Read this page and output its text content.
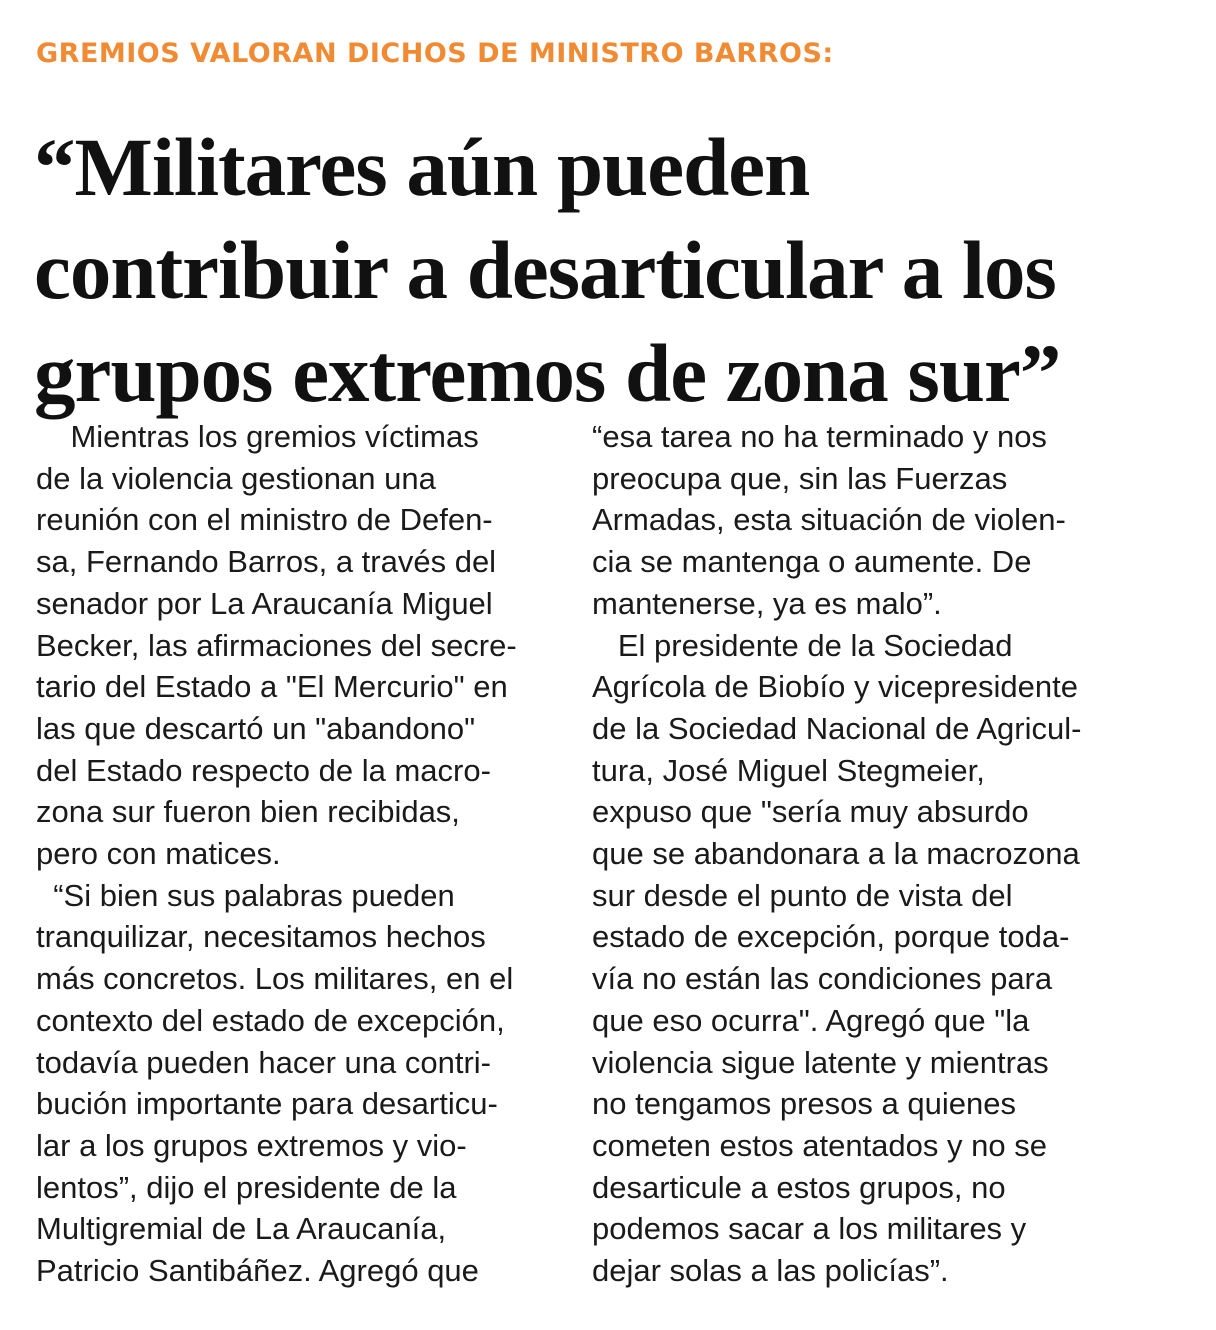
GREMIOS VALORAN DICHOS DE MINISTRO BARROS:
“Militares aún pueden
contribuir a desarticular a los
grupos extremos de zona sur”
Mientras los gremios víctimas
de la violencia gestionan una
reunión con el ministro de Defen-
sa, Fernando Barros, a través del
senador por La Araucanía Miguel
Becker, las afirmaciones del secre-
tario del Estado a "El Mercurio" en
las que descartó un "abandono"
del Estado respecto de la macro-
zona sur fueron bien recibidas,
pero con matices.
“Si bien sus palabras pueden
tranquilizar, necesitamos hechos
más concretos. Los militares, en el
contexto del estado de excepción,
todavía pueden hacer una contri-
bución importante para desarticu-
lar a los grupos extremos y vio-
lentos”, dijo el presidente de la
Multigremial de La Araucanía,
Patricio Santibáñez. Agregó que
“esa tarea no ha terminado y nos
preocupa que, sin las Fuerzas
Armadas, esta situación de violen-
cia se mantenga o aumente. De
mantenerse, ya es malo”.
El presidente de la Sociedad
Agrícola de Biobío y vicepresidente
de la Sociedad Nacional de Agricul-
tura, José Miguel Stegmeier,
expuso que "sería muy absurdo
que se abandonara a la macrozona
sur desde el punto de vista del
estado de excepción, porque toda-
vía no están las condiciones para
que eso ocurra". Agregó que "la
violencia sigue latente y mientras
no tengamos presos a quienes
cometen estos atentados y no se
desarticule a estos grupos, no
podemos sacar a los militares y
dejar solas a las policías”.
